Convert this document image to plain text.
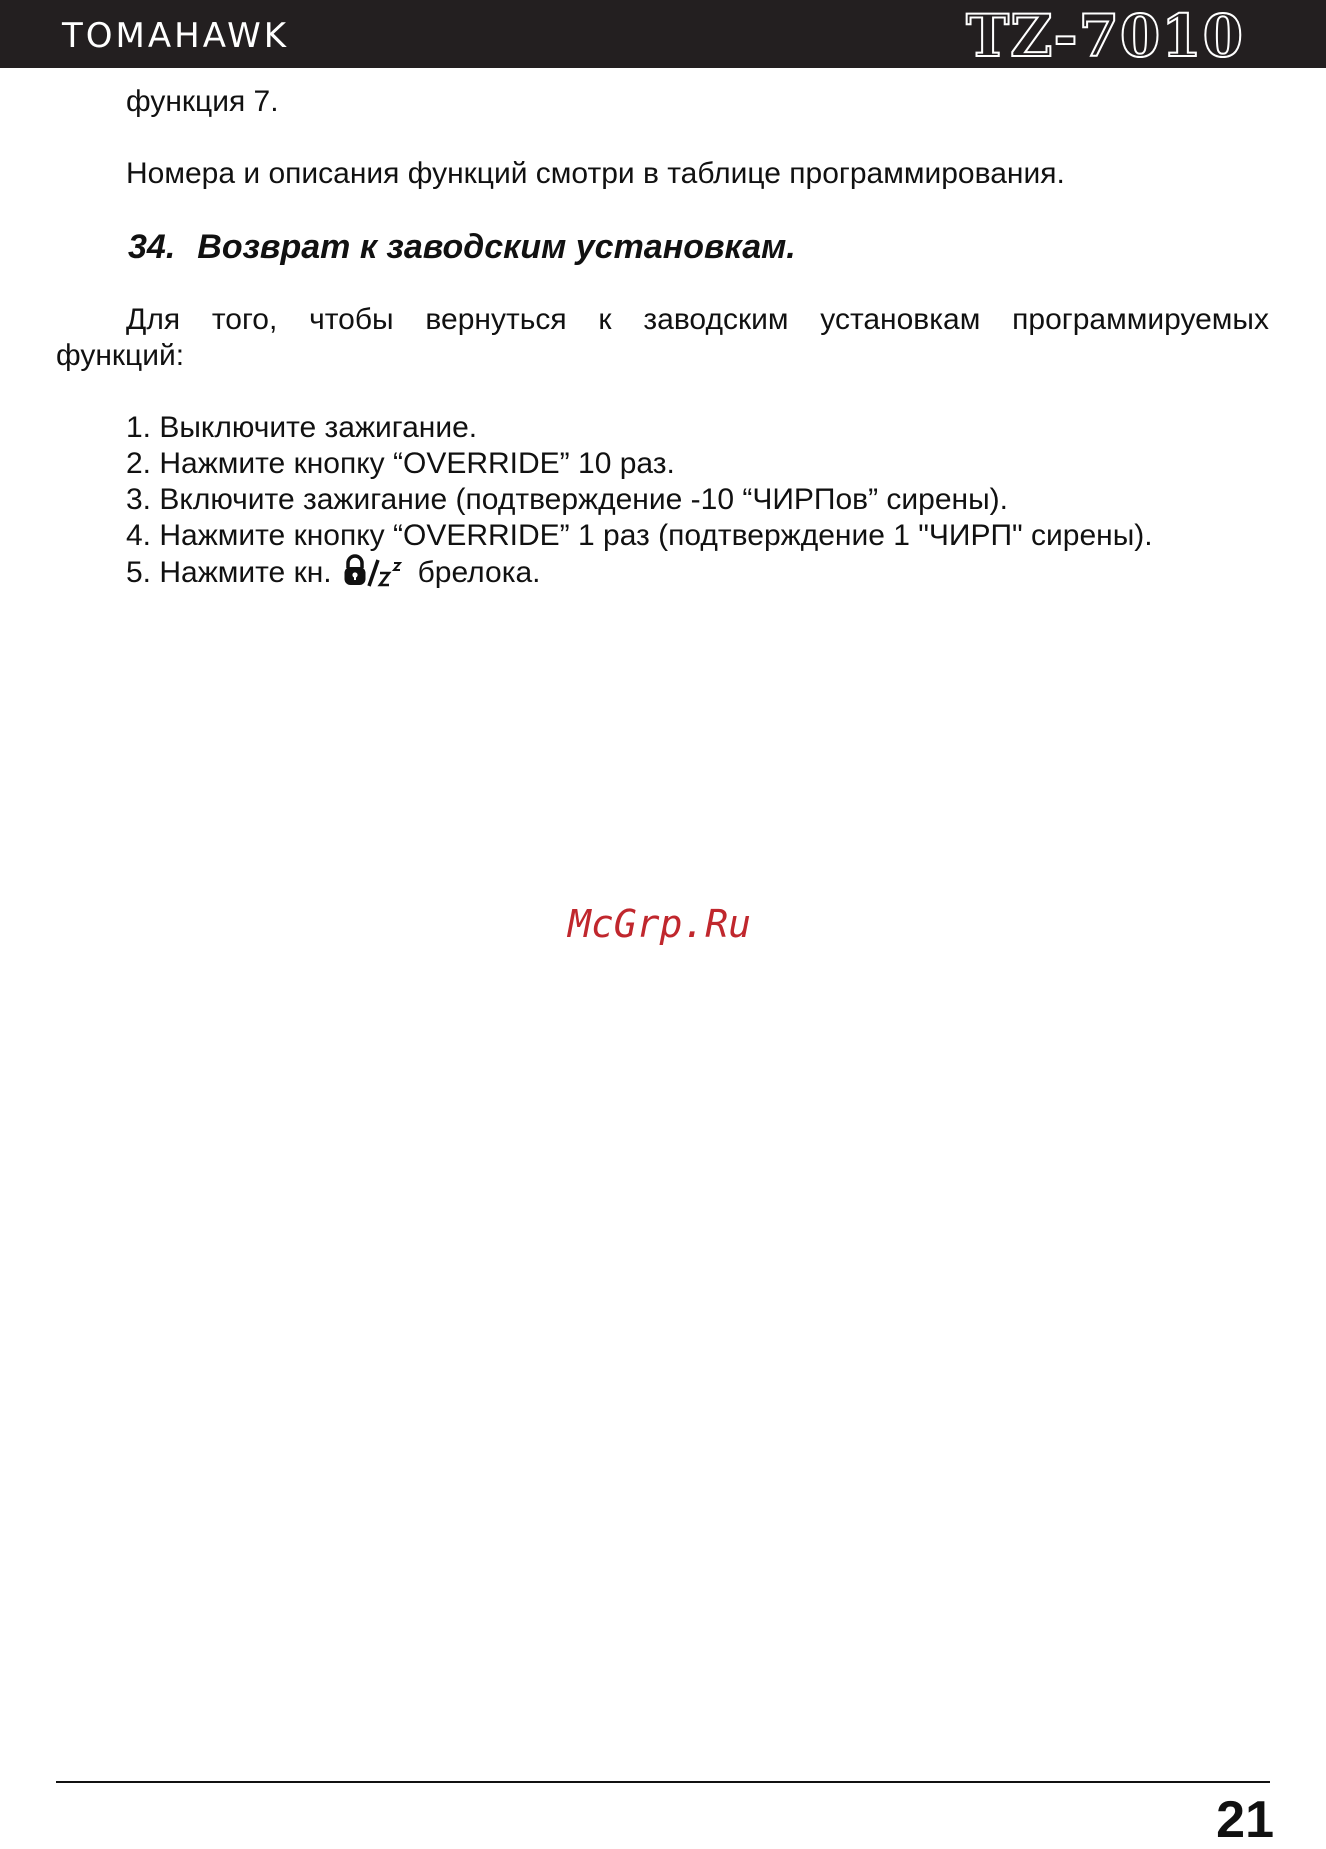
TOMAHAWK	TZ-7010
функция 7.
Номера и описания функций смотри в таблице программирования.
34. Возврат к заводским установкам.
Для того, чтобы вернуться к заводским установкам программируемых
функций:
1. Выключите зажигание.
2. Нажмите кнопку “OVERRIDE” 10 раз.
3. Включите зажигание (подтверждение -10 “ЧИРПов” сирены).
4. Нажмите кнопку “OVERRIDE” 1 раз (подтверждение 1 "ЧИРП" сирены).
5. Нажмите кн.	брелока.
McGrp.Ru
21
